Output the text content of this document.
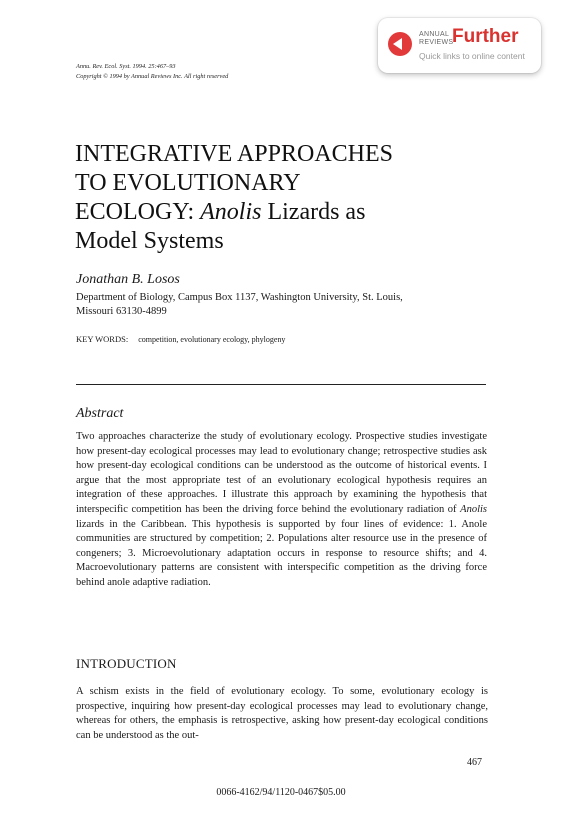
ANNUAL
REVIEWS
Further
Quick links to online content
Annu. Rev. Ecol. Syst. 1994. 25:467–93
Copyright © 1994 by Annual Reviews Inc. All right reserved
INTEGRATIVE APPROACHES
TO EVOLUTIONARY
ECOLOGY: Anolis Lizards as
Model Systems
Jonathan B. Losos
Department of Biology, Campus Box 1137, Washington University, St. Louis,
Missouri 63130-4899
KEY WORDS: competition, evolutionary ecology, phylogeny
Abstract

Two approaches characterize the study of evolutionary ecology. Prospective studies investigate how present-day ecological processes may lead to evolutionary change; retrospective studies ask how present-day ecological conditions can be understood as the outcome of historical events. I argue that the most appropriate test of an evolutionary ecological hypothesis requires an integration of these approaches. I illustrate this approach by examining the hypothesis that interspecific competition has been the driving force behind the evolutionary radiation of Anolis lizards in the Caribbean. This hypothesis is supported by four lines of evidence: 1. Anole communities are structured by competition; 2. Populations alter resource use in the presence of congeners; 3. Microevolutionary adaptation occurs in response to resource shifts; and 4. Macroevolutionary patterns are consistent with interspecific competition as the driving force behind anole adaptive radiation.

INTRODUCTION

A schism exists in the field of evolutionary ecology. To some, evolutionary ecology is prospective, inquiring how present-day ecological processes may lead to evolutionary change, whereas for others, the emphasis is retrospective, asking how present-day ecological conditions can be understood as the out-

467
0066-4162/94/1120-0467$05.00
